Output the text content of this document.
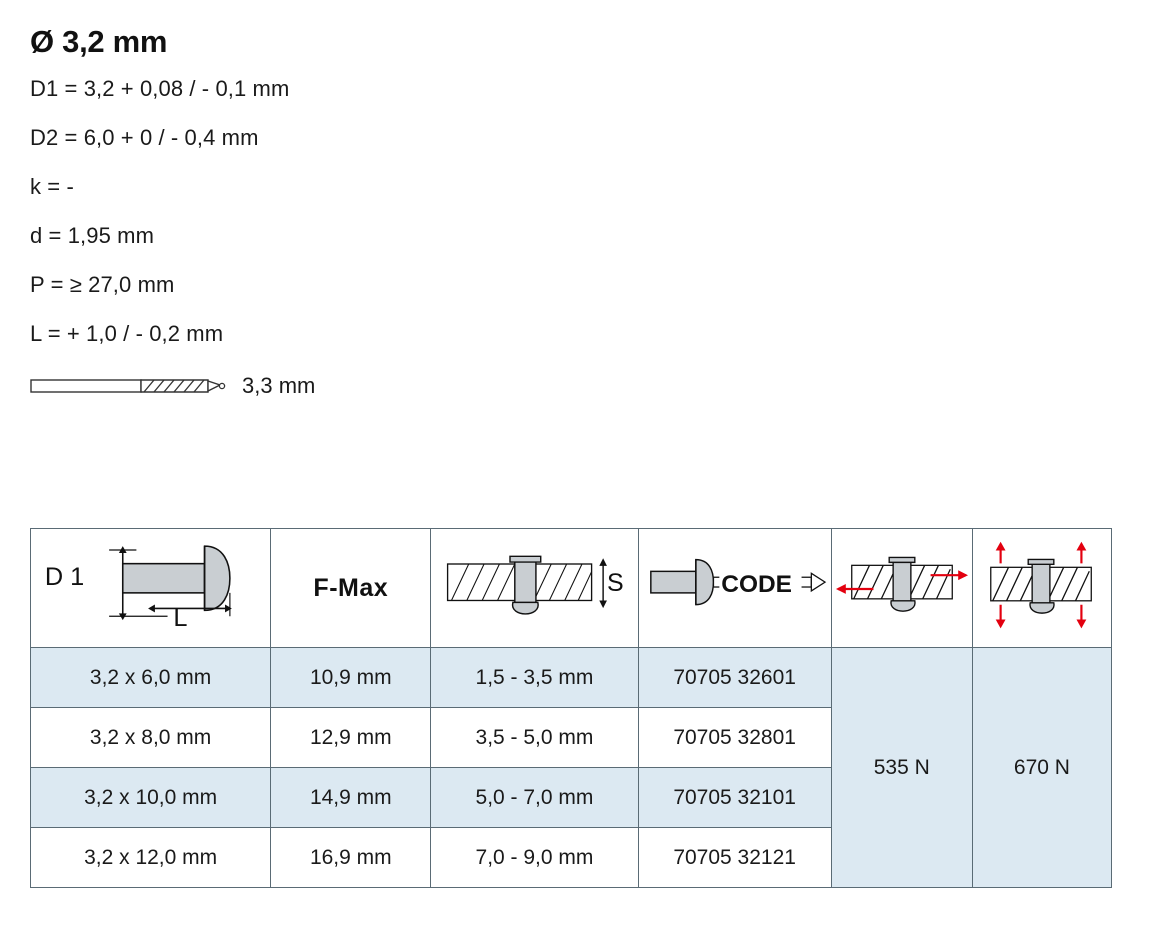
Ø 3,2 mm
D1 = 3,2 + 0,08 / - 0,1 mm
D2 = 6,0 + 0 / - 0,4 mm
k = -
d = 1,95 mm
P = ≥ 27,0 mm
L = + 1,0 / - 0,2 mm
3,3 mm
D 1
L	F-Max	S	CODE

3,2 x 6,0 mm	10,9 mm	1,5 - 3,5 mm	70705 32601	535 N	670 N
3,2 x 8,0 mm	12,9 mm	3,5 - 5,0 mm	70705 32801		
3,2 x 10,0 mm	14,9 mm	5,0 - 7,0 mm	70705 32101		
3,2 x 12,0 mm	16,9 mm	7,0 - 9,0 mm	70705 32121		
